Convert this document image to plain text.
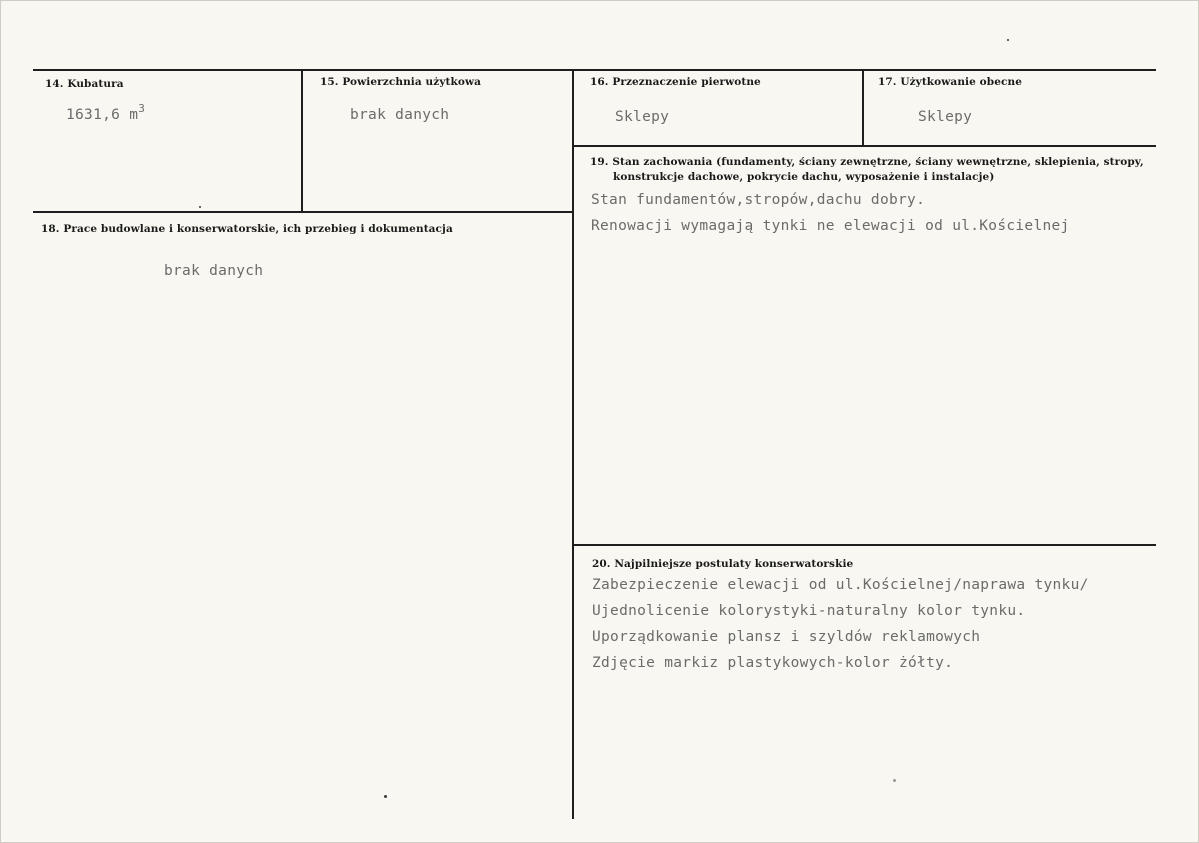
14. Kubatura
1631,6 $m^3$
15. Powierzchnia użytkowa
brak danych
16. Przeznaczenie pierwotne
Sklepy
17. Użytkowanie obecne
Sklepy
18. Prace budowlane i konserwatorskie, ich przebieg i dokumentacja
brak danych
19. Stan zachowania (fundamenty, ściany zewnętrzne, ściany wewnętrzne, sklepienia, stropy,
konstrukcje dachowe, pokrycie dachu, wyposażenie i instalacje)
Stan fundamentów,stropów,dachu dobry.
Renowacji wymagają tynki ne elewacji od ul.Kościelnej
20. Najpilniejsze postulaty konserwatorskie
Zabezpieczenie elewacji od ul.Kościelnej/naprawa tynku/
Ujednolicenie kolorystyki-naturalny kolor tynku.
Uporządkowanie plansz i szyldów reklamowych
Zdjęcie markiz plastykowych-kolor żółty.
